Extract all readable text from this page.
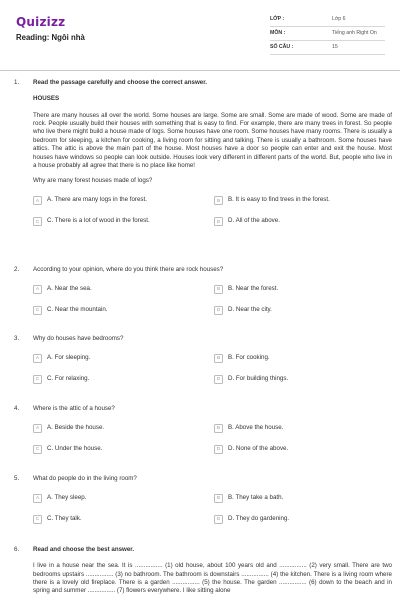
Quizizz
Reading: Ngôi nhà
LỚP :	Lớp 6
MÔN :	Tiếng anh Right On
SỐ CÂU :	15
1. Read the passage carefully and choose the correct answer.
HOUSES
There are many houses all over the world. Some houses are large. Some are small. Some are made of wood. Some are made of rock. People usually build their houses with something that is easy to find. For example, there are many trees in forest. So people who live there might build a house made of logs. Some houses have one room. Some houses have many rooms. There is usually a bedroom for sleeping, a kitchen for cooking, a living room for sitting and talking. There is usually a bathroom. Some houses have attics. The attic is above the main part of the house. Most houses have a door so people can enter and exit the house. Most houses have windows so people can look outside. Houses look very different in different parts of the world. But, people who live in a house probably all agree that there is no place like home!
Why are many forest houses made of logs?
A	A. There are many logs in the forest.	B	B. It is easy to find trees in the forest.
C	C. There is a lot of wood in the forest.	D	D. All of the above.
2. According to your opinion, where do you think there are rock houses?
A	A. Near the sea.	B	B. Near the forest.
C	C. Near the mountain.	D	D. Near the city.
3. Why do houses have bedrooms?
A	A. For sleeping.	B	B. For cooking.
C	C. For relaxing.	D	D. For building things.
4. Where is the attic of a house?
A	A. Beside the house.	B	B. Above the house.
C	C. Under the house.	D	D. None of the above.
5. What do people do in the living room?
A	A. They sleep.	B	B. They take a bath.
C	C. They talk.	D	D. They do gardening.
6. Read and choose the best answer.
I live in a house near the sea. It is ................ (1) old house, about 100 years old and ................ (2) very small. There are two bedrooms upstairs ................ (3) no bathroom. The bathroom is downstairs ................ (4) the kitchen. There is a living room where there is a lovely old fireplace. There is a garden ................ (5) the house. The garden ................ (6) down to the beach and in spring and summer ................ (7) flowers everywhere. I like sitting alone
